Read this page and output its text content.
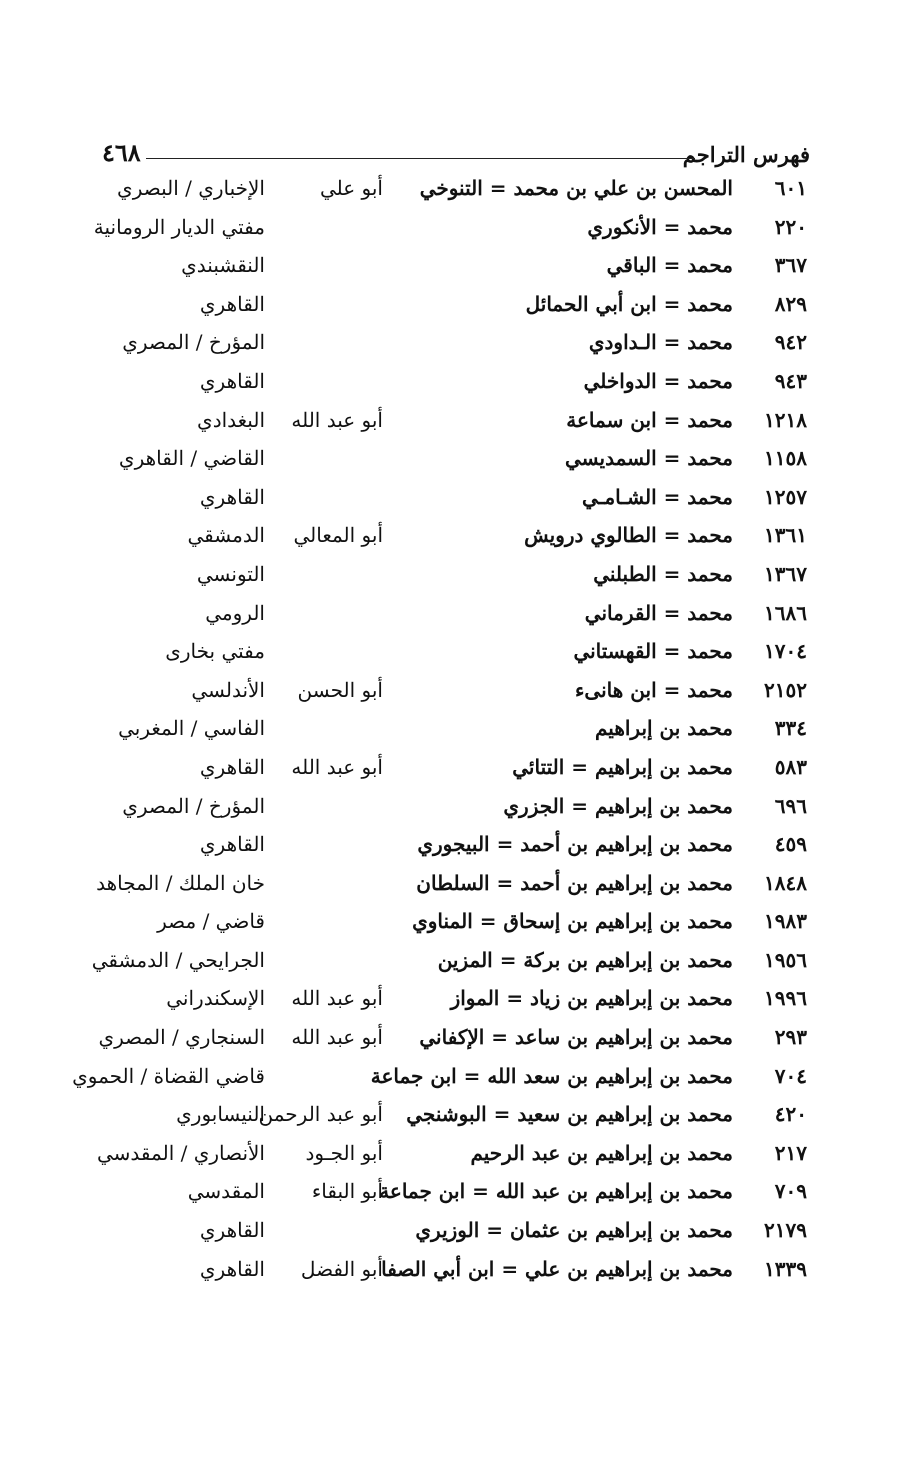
فهرس التراجم
٤٦٨
٦٠١
المحسن بن علي بن محمد = التنوخي
أبو علي
الإخباري / البصري
٢٢٠
محمد = الأنكوري
مفتي الديار الرومانية
٣٦٧
محمد = الباقي
النقشبندي
٨٢٩
محمد = ابن أبي الحمائل
القاهري
٩٤٢
محمد = الـداودي
المؤرخ / المصري
٩٤٣
محمد = الدواخلي
القاهري
١٢١٨
محمد = ابن سماعة
أبو عبد الله
البغدادي
١١٥٨
محمد = السمديسي
القاضي / القاهري
١٢٥٧
محمد = الشـامـي
القاهري
١٣٦١
محمد = الطالوي درويش
أبو المعالي
الدمشقي
١٣٦٧
محمد = الطبلني
التونسي
١٦٨٦
محمد = القرماني
الرومي
١٧٠٤
محمد = القهستاني
مفتي بخارى
٢١٥٢
محمد = ابن هانىء
أبو الحسن
الأندلسي
٣٣٤
محمد بن إبراهيم
الفاسي / المغربي
٥٨٣
محمد بن إبراهيم = التتائي
أبو عبد الله
القاهري
٦٩٦
محمد بن إبراهيم = الجزري
المؤرخ / المصري
٤٥٩
محمد بن إبراهيم بن أحمد = البيجوري
القاهري
١٨٤٨
محمد بن إبراهيم بن أحمد = السلطان
خان الملك / المجاهد
١٩٨٣
محمد بن إبراهيم بن إسحاق = المناوي
قاضي / مصر
١٩٥٦
محمد بن إبراهيم بن بركة = المزين
الجرايحي / الدمشقي
١٩٩٦
محمد بن إبراهيم بن زياد = المواز
أبو عبد الله
الإسكندراني
٢٩٣
محمد بن إبراهيم بن ساعد = الإكفاني
أبو عبد الله
السنجاري / المصري
٧٠٤
محمد بن إبراهيم بن سعد الله = ابن جماعة
قاضي القضاة / الحموي
٤٢٠
محمد بن إبراهيم بن سعيد = البوشنجي
أبو عبد الرحمن
النيسابوري
٢١٧
محمد بن إبراهيم بن عبد الرحيم
أبو الجـود
الأنصاري / المقدسي
٧٠٩
محمد بن إبراهيم بن عبد الله = ابن جماعة
أبو البقاء
المقدسي
٢١٧٩
محمد بن إبراهيم بن عثمان = الوزيري
القاهري
١٣٣٩
محمد بن إبراهيم بن علي = ابن أبي الصفا
أبو الفضل
القاهري
